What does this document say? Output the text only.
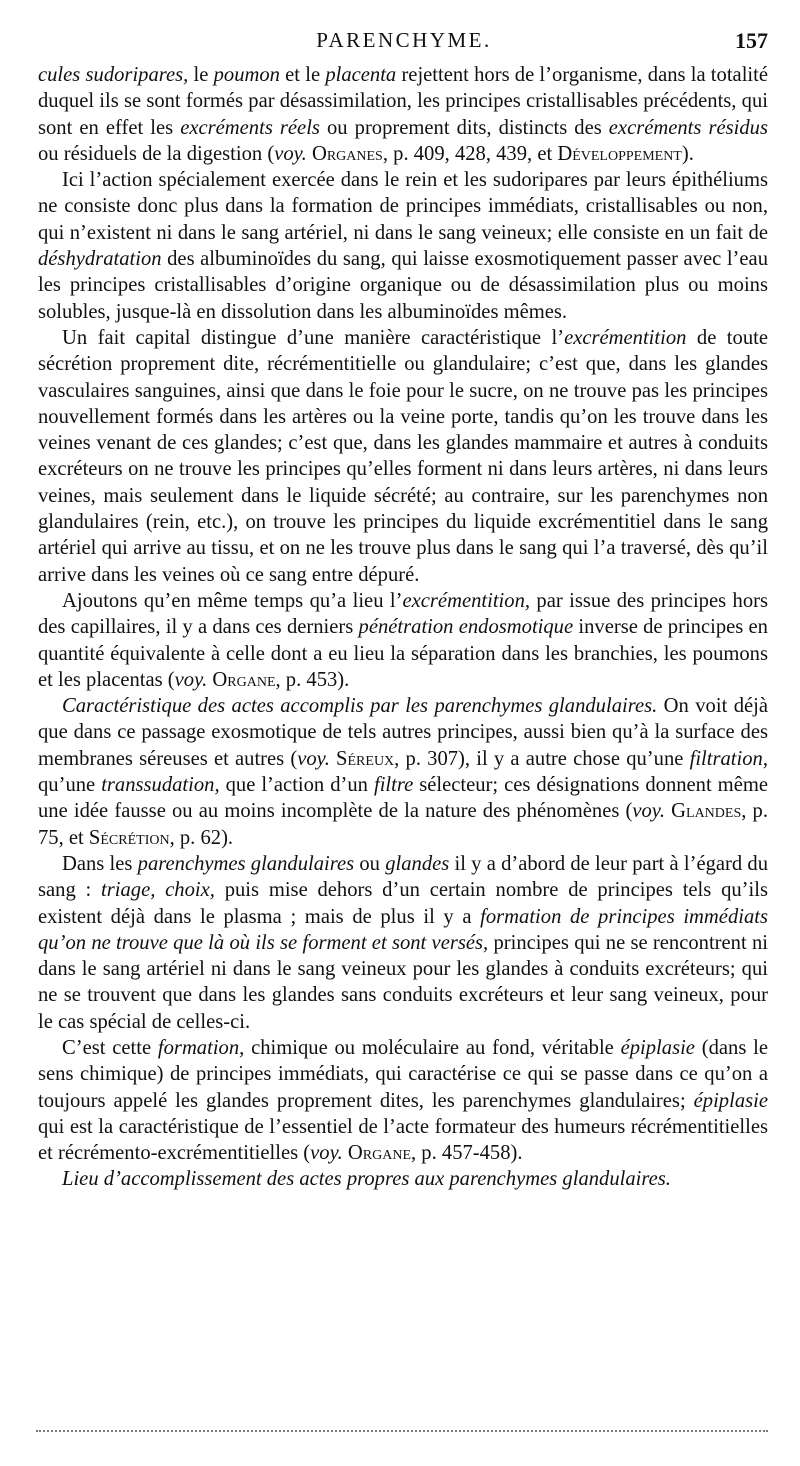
PARENCHYME.	157

cules sudoripares, le poumon et le placenta rejettent hors de l’organisme, dans la totalité duquel ils se sont formés par désassimilation, les principes cristallisables précédents, qui sont en effet les excréments réels ou proprement dits, distincts des excréments résidus ou résiduels de la digestion (voy. Organes, p. 409, 428, 439, et Développement).

Ici l’action spécialement exercée dans le rein et les sudoripares par leurs épithéliums ne consiste donc plus dans la formation de principes immédiats, cristallisables ou non, qui n’existent ni dans le sang artériel, ni dans le sang veineux; elle consiste en un fait de déshydratation des albuminoïdes du sang, qui laisse exosmotiquement passer avec l’eau les principes cristallisables d’origine organique ou de désassimilation plus ou moins solubles, jusque-là en dissolution dans les albuminoïdes mêmes.

Un fait capital distingue d’une manière caractéristique l’excrémentition de toute sécrétion proprement dite, récrémentitielle ou glandulaire; c’est que, dans les glandes vasculaires sanguines, ainsi que dans le foie pour le sucre, on ne trouve pas les principes nouvellement formés dans les artères ou la veine porte, tandis qu’on les trouve dans les veines venant de ces glandes; c’est que, dans les glandes mammaire et autres à conduits excréteurs on ne trouve les principes qu’elles forment ni dans leurs artères, ni dans leurs veines, mais seulement dans le liquide sécrété; au contraire, sur les parenchymes non glandulaires (rein, etc.), on trouve les principes du liquide excrémentitiel dans le sang artériel qui arrive au tissu, et on ne les trouve plus dans le sang qui l’a traversé, dès qu’il arrive dans les veines où ce sang entre dépuré.

Ajoutons qu’en même temps qu’a lieu l’excrémentition, par issue des principes hors des capillaires, il y a dans ces derniers pénétration endosmotique inverse de principes en quantité équivalente à celle dont a eu lieu la séparation dans les branchies, les poumons et les placentas (voy. Organe, p. 453).

Caractéristique des actes accomplis par les parenchymes glandulaires. On voit déjà que dans ce passage exosmotique de tels autres principes, aussi bien qu’à la surface des membranes séreuses et autres (voy. Séreux, p. 307), il y a autre chose qu’une filtration, qu’une transsudation, que l’action d’un filtre sélecteur; ces désignations donnent même une idée fausse ou au moins incomplète de la nature des phénomènes (voy. Glandes, p. 75, et Sécrétion, p. 62).

Dans les parenchymes glandulaires ou glandes il y a d’abord de leur part à l’égard du sang : triage, choix, puis mise dehors d’un certain nombre de principes tels qu’ils existent déjà dans le plasma ; mais de plus il y a formation de principes immédiats qu’on ne trouve que là où ils se forment et sont versés, principes qui ne se rencontrent ni dans le sang artériel ni dans le sang veineux pour les glandes à conduits excréteurs; qui ne se trouvent que dans les glandes sans conduits excréteurs et leur sang veineux, pour le cas spécial de celles-ci.

C’est cette formation, chimique ou moléculaire au fond, véritable épiplasie (dans le sens chimique) de principes immédiats, qui caractérise ce qui se passe dans ce qu’on a toujours appelé les glandes proprement dites, les parenchymes glandulaires; épiplasie qui est la caractéristique de l’essentiel de l’acte formateur des humeurs récrémentitielles et récrémento-excrémentitielles (voy. Organe, p. 457-458).

Lieu d’accomplissement des actes propres aux parenchymes glandulaires.
